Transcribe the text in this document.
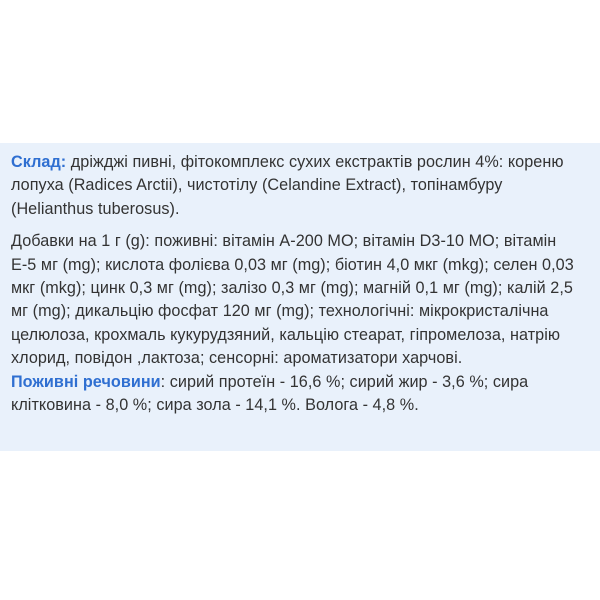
Склад: дріжджі пивні, фітокомплекс сухих екстрактів рослин 4%: кореню лопуха (Radices Arctii), чистотілу (Celandine Extract), топінамбуру (Helianthus tuberosus).

Добавки на 1 г (g): поживні: вітамін А-200 МО; вітамін D3-10 МО; вітамін Е-5 мг (mg); кислота фолієва 0,03 мг (mg); біотин 4,0 мкг (mkg); селен 0,03 мкг (mkg); цинк 0,3 мг (mg); залізо 0,3 мг (mg); магній 0,1 мг (mg); калій 2,5 мг (mg); дикальцію фосфат 120 мг (mg); технологічні: мікрокристалічна целюлоза, крохмаль кукурудзяний, кальцію стеарат, гіпромелоза, натрію хлорид, повідон ,лактоза; сенсорні: ароматизатори харчові.

Поживні речовини: сирий протеїн - 16,6 %; сирий жир - 3,6 %; сира клітковина - 8,0 %; сира зола - 14,1 %. Волога - 4,8 %.
